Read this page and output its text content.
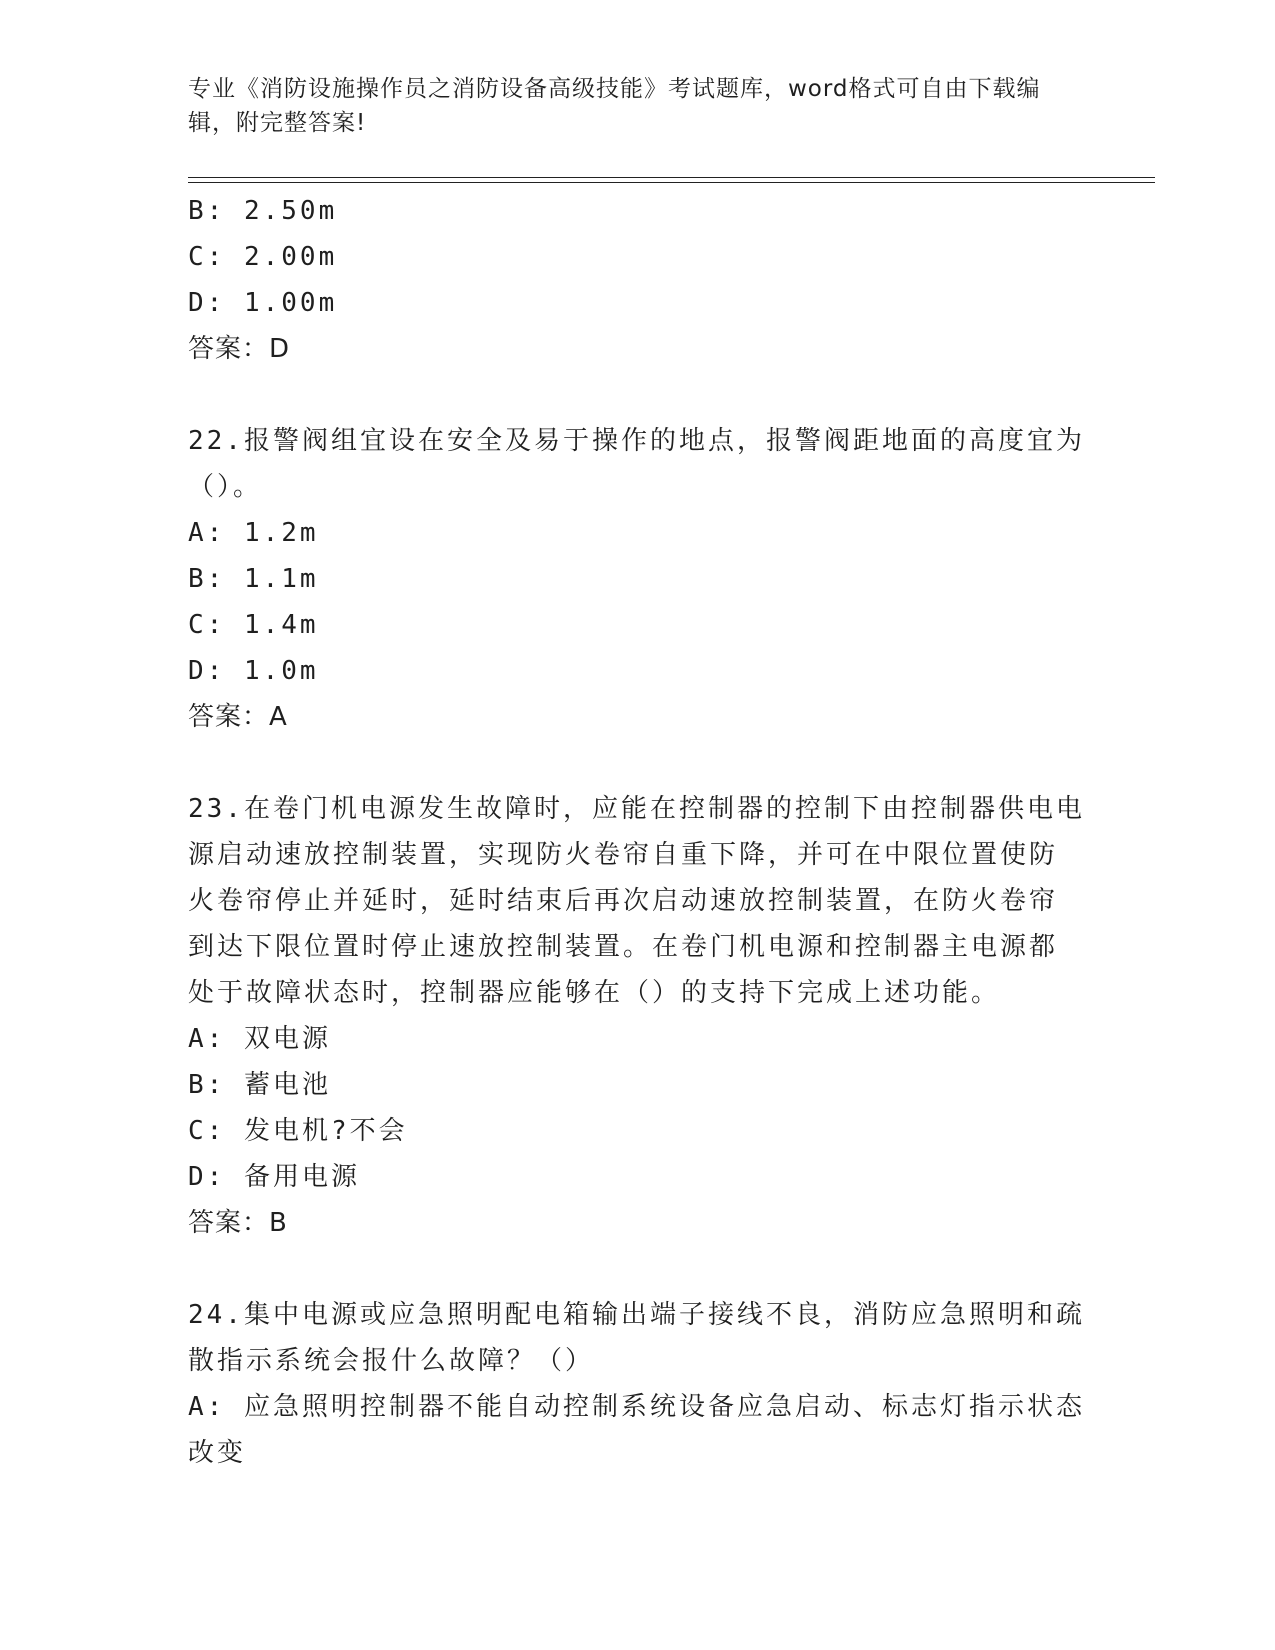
专业《消防设施操作员之消防设备高级技能》考试题库，word格式可自由下载编
辑，附完整答案!
B: 2.50m
C: 2.00m
D: 1.00m
答案：D
22.报警阀组宜设在安全及易于操作的地点，报警阀距地面的高度宜为
（）。
A: 1.2m
B: 1.1m
C: 1.4m
D: 1.0m
答案：A
23.在卷门机电源发生故障时，应能在控制器的控制下由控制器供电电
源启动速放控制装置，实现防火卷帘自重下降，并可在中限位置使防
火卷帘停止并延时，延时结束后再次启动速放控制装置，在防火卷帘
到达下限位置时停止速放控制装置。在卷门机电源和控制器主电源都
处于故障状态时，控制器应能够在（）的支持下完成上述功能。
A: 双电源
B: 蓄电池
C: 发电机?不会
D: 备用电源
答案：B
24.集中电源或应急照明配电箱输出端子接线不良，消防应急照明和疏
散指示系统会报什么故障？（）
A: 应急照明控制器不能自动控制系统设备应急启动、标志灯指示状态
改变
